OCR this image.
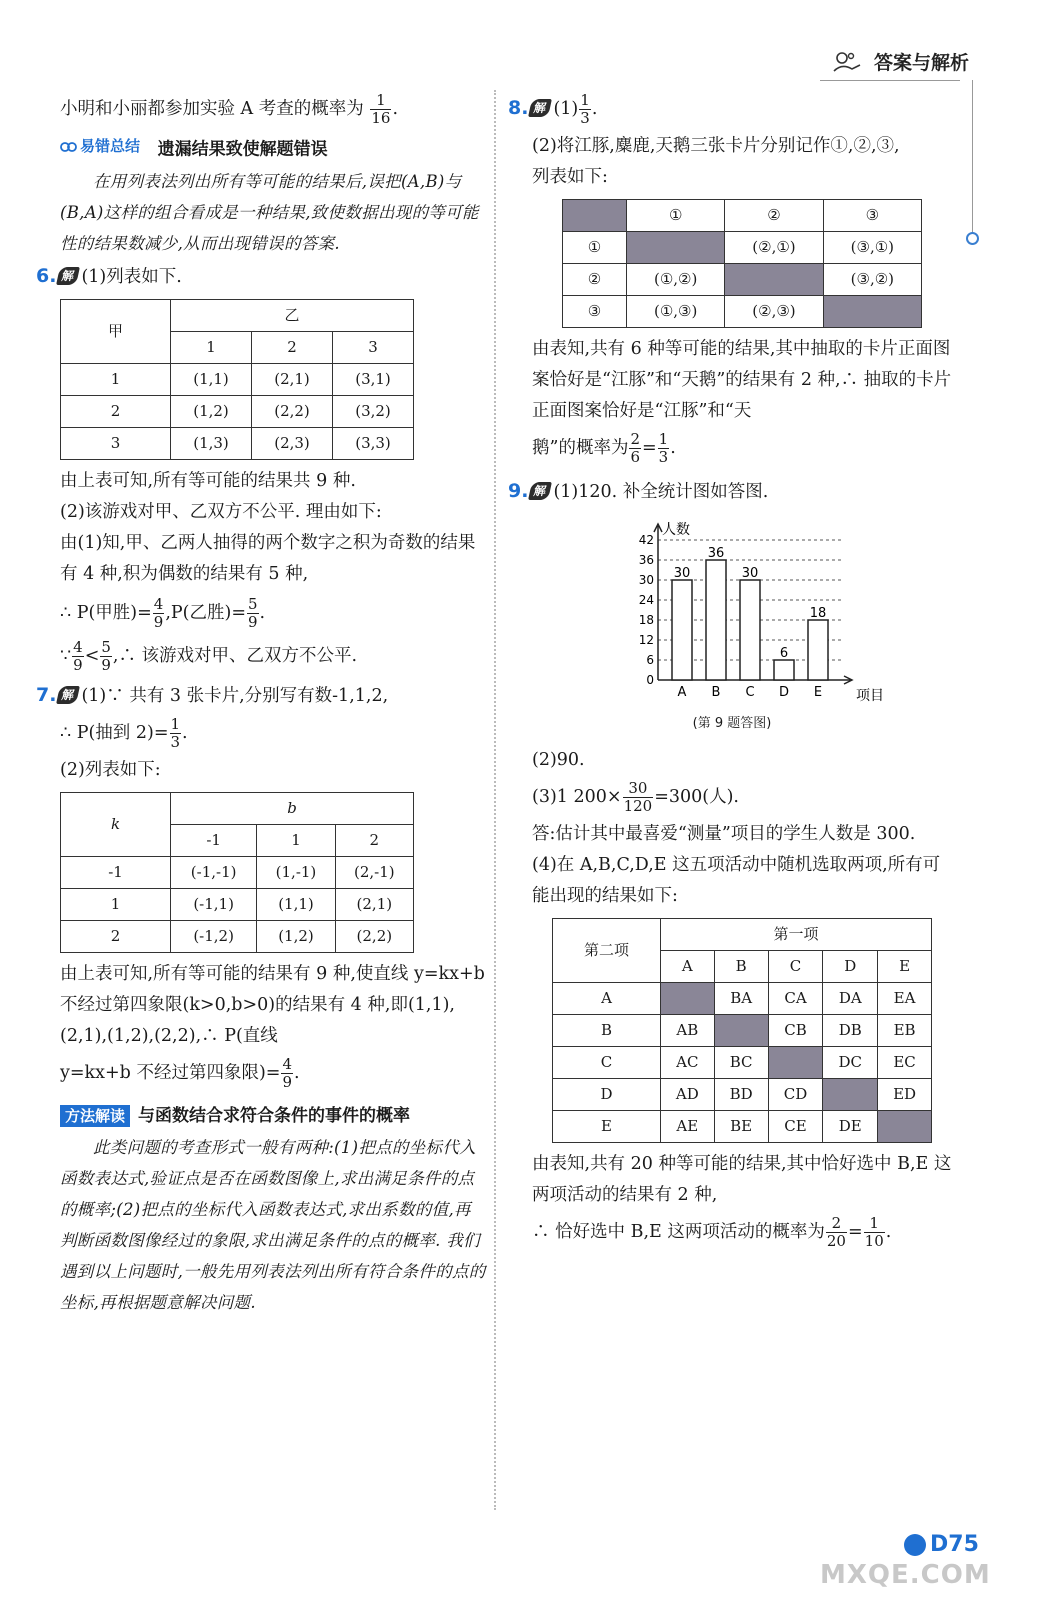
答案与解析

小明和小丽都参加实验 A 考查的概率为 $\frac{1}{16}$ .

易错总结 遗漏结果致使解题错误

在用列表法列出所有等可能的结果后,误把(A,B)与(B,A)这样的组合看成是一种结果,致使数据出现的等可能性的结果数减少,从而出现错误的答案.

6. 解 (1)列表如下.

甲	乙		
	1	2	3
1	(1,1)	(2,1)	(3,1)
2	(1,2)	(2,2)	(3,2)
3	(1,3)	(2,3)	(3,3)

由上表可知,所有等可能的结果共 9 种.

(2)该游戏对甲、乙双方不公平. 理由如下:

由(1)知,甲、乙两人抽得的两个数字之积为奇数的结果有 4 种,积为偶数的结果有 5 种,

∴ P(甲胜)= $\frac{4}{9} ,P$(乙胜)= $\frac{5}{9}$ .

∵ $\frac{4}{9} < \frac{5}{9}$ ,∴ 该游戏对甲、乙双方不公平.

7. 解 (1)∵ 共有 3 张卡片,分别写有数-1,1,2,

∴ P(抽到 $2)= \frac{1}{3}$ .

(2)列表如下:

k	b		
	-1	1	2
-1	(-1,-1)	(1,-1)	(2,-1)
1	(-1,1)	(1,1)	(2,1)
2	(-1,2)	(1,2)	(2,2)

由上表可知,所有等可能的结果有 9 种,使直线 y=kx+b 不经过第四象限(k>0,b>0)的结果有 4 种,即(1,1),(2,1),(1,2),(2,2),∴ P(直线

y=kx+b 不经过第四象限)= $\frac{4}{9}$ .

方法解读 与函数结合求符合条件的事件的概率

此类问题的考查形式一般有两种:(1)把点的坐标代入函数表达式,验证点是否在函数图像上,求出满足条件的点的概率;(2)把点的坐标代入函数表达式,求出系数的值,再判断函数图像经过的象限,求出满足条件的点的概率. 我们遇到以上问题时,一般先用列表法列出所有符合条件的点的坐标,再根据题意解决问题.

8. 解 $(1) \frac{1}{3}$ .

(2)将江豚,麋鹿,天鹅三张卡片分别记作①,②,③,

列表如下:

	①	②	③
①		(②,①)	(③,①)
②	(①,②)		(③,②)
③	(①,③)	(②,③)	

由表知,共有 6 种等可能的结果,其中抽取的卡片正面图案恰好是“江豚”和“天鹅”的结果有 2 种,∴ 抽取的卡片正面图案恰好是“江豚”和“天

鹅”的概率为 $\frac{2}{6} = \frac{1}{3}$ .

9. 解 (1)120. 补全统计图如答图.

0
6
12
18
24
30
36
42
人数
项目
30
A
36
B
30
C
6
D
18
E

(第 9 题答图)

(2)90.

(3)1 $200\times \frac{30}{120} =300$(人).

答:估计其中最喜爱“测量”项目的学生人数是 300.

(4)在 A,B,C,D,E 这五项活动中随机选取两项,所有可能出现的结果如下:

第二项	第一项				
	A	B	C	D	E
A		BA	CA	DA	EA
B	AB		CB	DB	EB
C	AC	BC		DC	EC
D	AD	BD	CD		ED
E	AE	BE	CE	DE	

由表知,共有 20 种等可能的结果,其中恰好选中 B,E 这两项活动的结果有 2 种,

∴ 恰好选中 B,E 这两项活动的概率为 $\frac{2}{20} = \frac{1}{10}$ .

D75
MXQE.COM
